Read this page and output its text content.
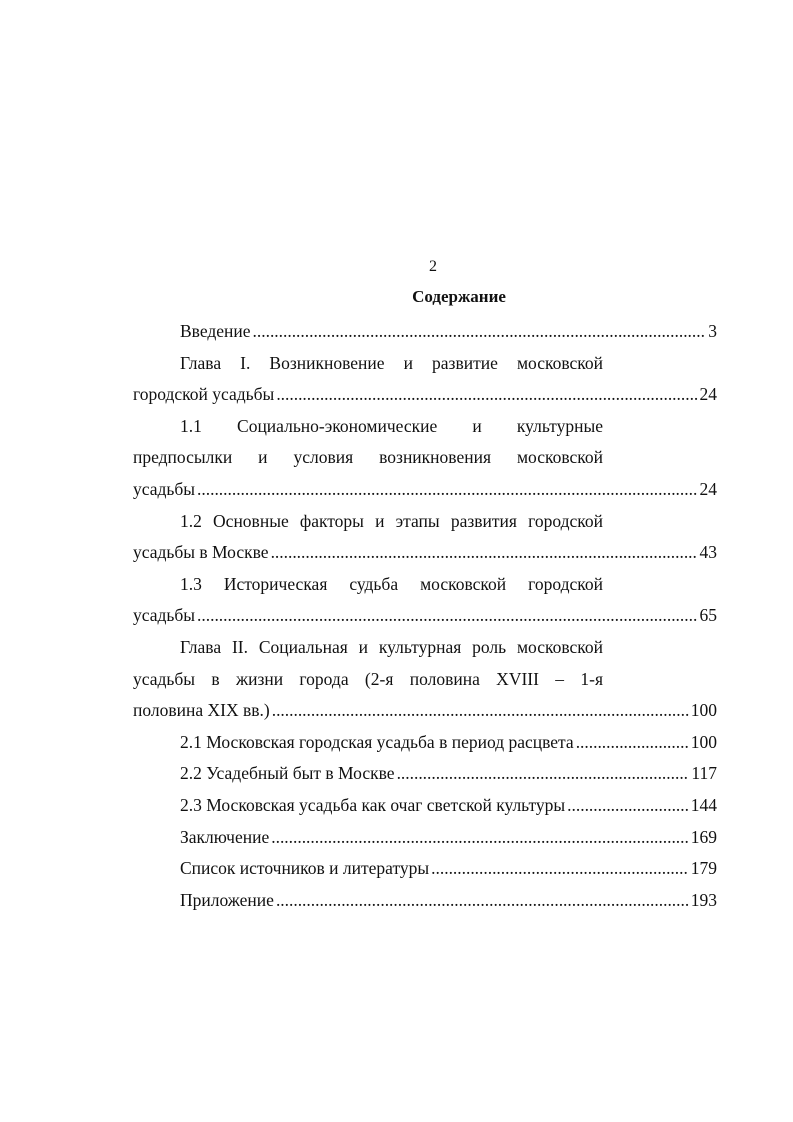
2
Содержание
Введение . . .	3
Глава I. Возникновение и развитие московской
городской усадьбы . . .	24
1.1 Социально-экономические и культурные
предпосылки и условия возникновения московской
усадьбы . . .	24
1.2 Основные факторы и этапы развития городской
усадьбы в Москве . . .	43
1.3 Историческая судьба московской городской
усадьбы . . .	65
Глава II. Социальная и культурная роль московской
усадьбы в жизни города (2-я половина XVIII – 1-я
половина XIX вв.) . . .	100
2.1 Московская городская усадьба в период расцвета . . .	100
2.2 Усадебный быт в Москве . . .	117
2.3 Московская усадьба как очаг светской культуры . . .	144
Заключение . . .	169
Список источников и литературы . . .	179
Приложение . . .	193
